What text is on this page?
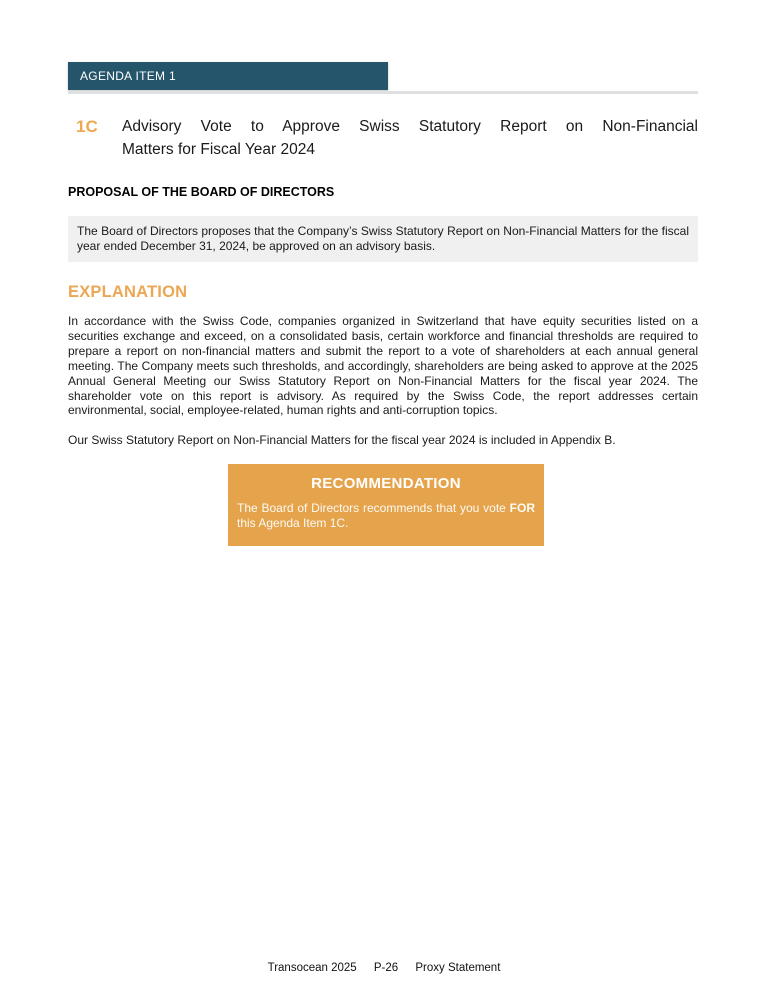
AGENDA ITEM 1
1C	Advisory Vote to Approve Swiss Statutory Report on Non-Financial
Matters for Fiscal Year 2024
PROPOSAL OF THE BOARD OF DIRECTORS
The Board of Directors proposes that the Company’s Swiss Statutory Report on Non-Financial Matters for the fiscal year ended December 31, 2024, be approved on an advisory basis.
EXPLANATION
In accordance with the Swiss Code, companies organized in Switzerland that have equity securities listed on a securities exchange and exceed, on a consolidated basis, certain workforce and financial thresholds are required to prepare a report on non-financial matters and submit the report to a vote of shareholders at each annual general meeting. The Company meets such thresholds, and accordingly, shareholders are being asked to approve at the 2025 Annual General Meeting our Swiss Statutory Report on Non-Financial Matters for the fiscal year 2024. The shareholder vote on this report is advisory. As required by the Swiss Code, the report addresses certain environmental, social, employee-related, human rights and anti-corruption topics.
Our Swiss Statutory Report on Non-Financial Matters for the fiscal year 2024 is included in Appendix B.
RECOMMENDATION
The Board of Directors recommends that you vote FOR this Agenda Item 1C.
Transocean 2025 P-26 Proxy Statement
